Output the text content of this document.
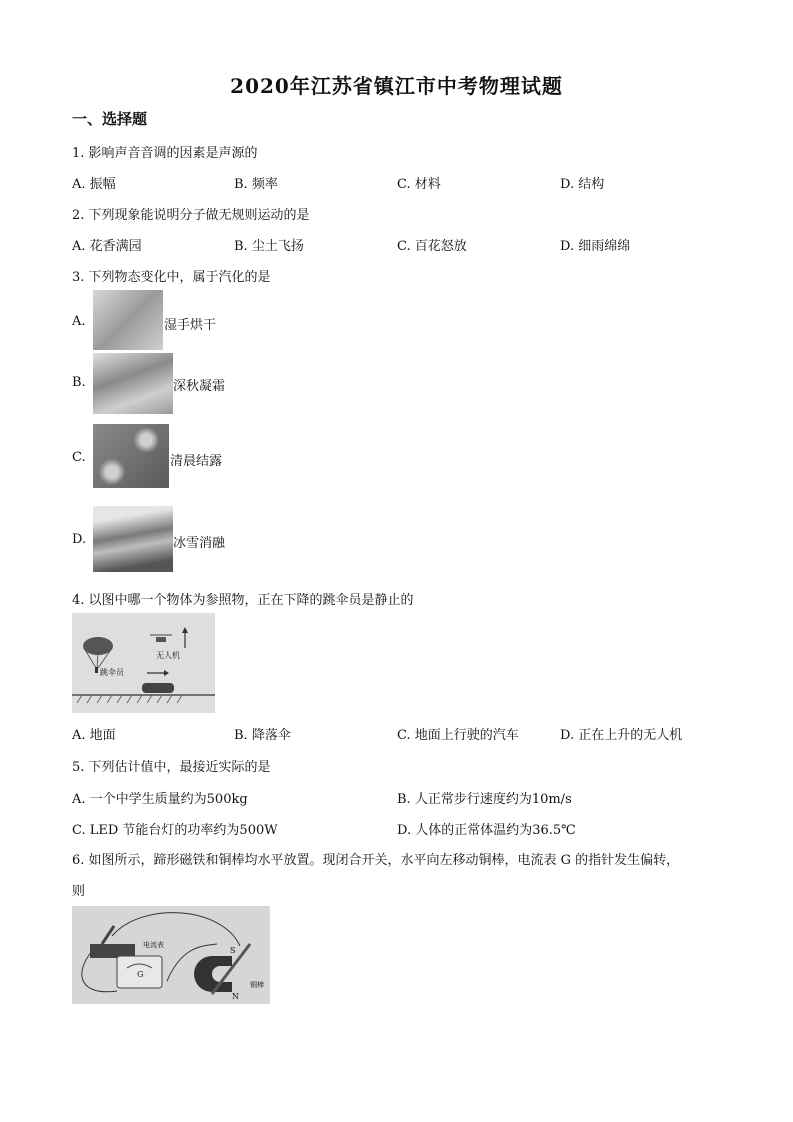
2020年江苏省镇江市中考物理试题
一、选择题
1. 影响声音音调的因素是声源的
A. 振幅	B. 频率	C. 材料	D. 结构
2. 下列现象能说明分子做无规则运动的是
A. 花香满园	B. 尘土飞扬	C. 百花怒放	D. 细雨绵绵
3. 下列物态变化中，属于汽化的是
A.	湿手烘干
B.	深秋凝霜
C.	清晨结露
D.	冰雪消融
4. 以图中哪一个物体为参照物，正在下降的跳伞员是静止的
无人机
跳伞员
A. 地面	B. 降落伞	C. 地面上行驶的汽车	D. 正在上升的无人机
5. 下列估计值中，最接近实际的是
A. 一个中学生质量约为500kg	B. 人正常步行速度约为10m/s
C. LED 节能台灯的功率约为500W	D. 人体的正常体温约为36.5℃
6. 如图所示，蹄形磁铁和铜棒均水平放置。现闭合开关，水平向左移动铜棒，电流表 G 的指针发生偏转，
则
电流表
G
S
N
铜棒
